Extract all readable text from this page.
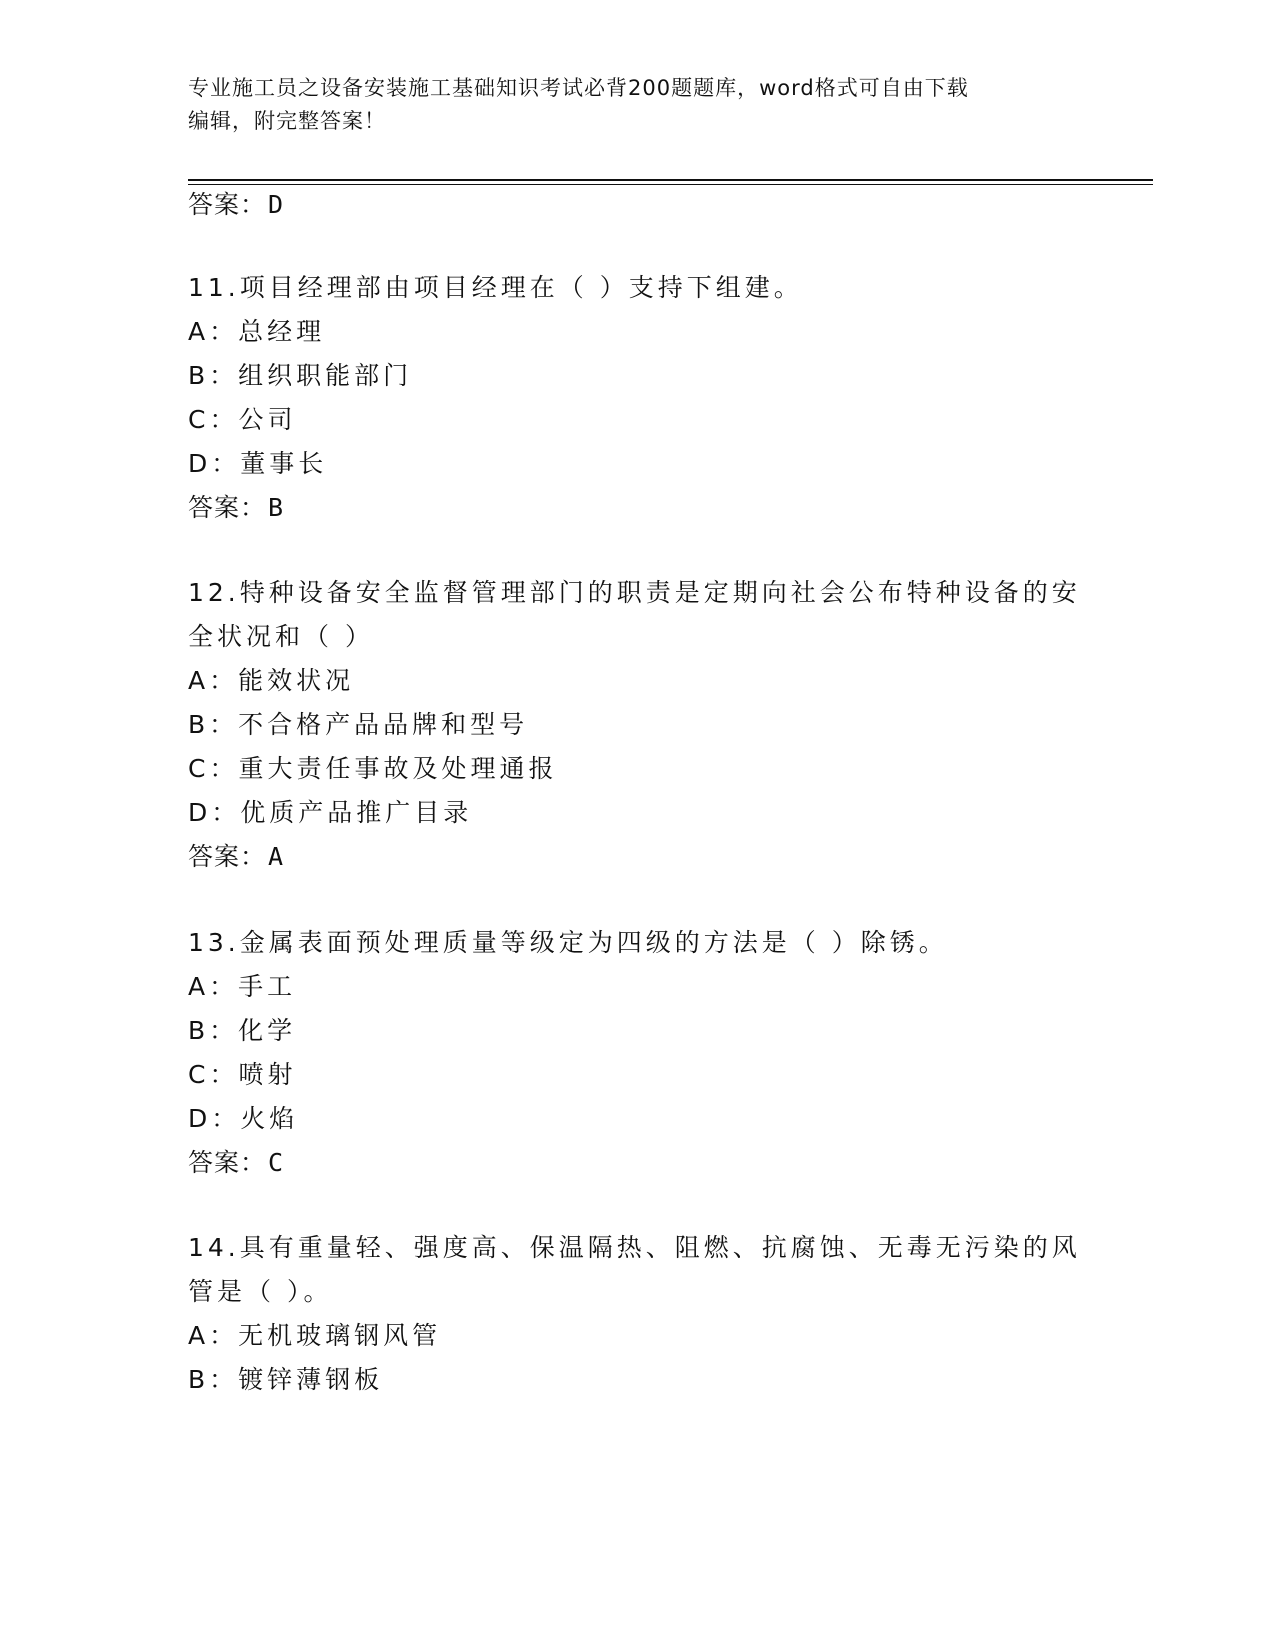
专业施工员之设备安装施工基础知识考试必背200题题库，word格式可自由下载
编辑，附完整答案！
答案：D
11.项目经理部由项目经理在（ ）支持下组建。
A：总经理
B：组织职能部门
C：公司
D：董事长
答案：B
12.特种设备安全监督管理部门的职责是定期向社会公布特种设备的安
全状况和（ ）
A：能效状况
B：不合格产品品牌和型号
C：重大责任事故及处理通报
D：优质产品推广目录
答案：A
13.金属表面预处理质量等级定为四级的方法是（ ）除锈。
A：手工
B：化学
C：喷射
D：火焰
答案：C
14.具有重量轻、强度高、保温隔热、阻燃、抗腐蚀、无毒无污染的风
管是（ ）。
A：无机玻璃钢风管
B：镀锌薄钢板
